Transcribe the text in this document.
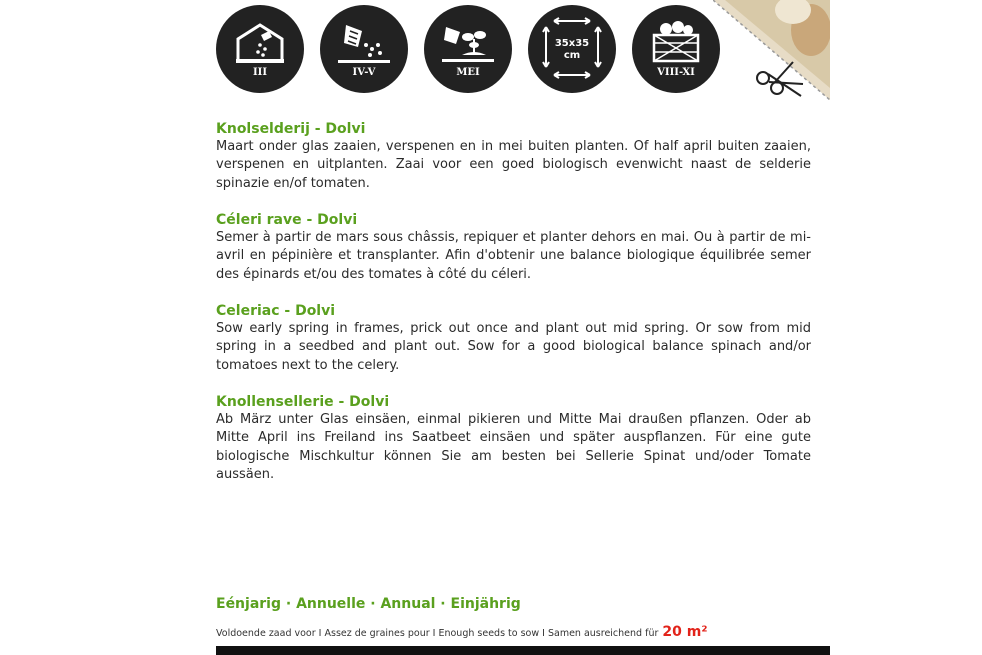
III	IV-V	MEI
35x35
cm
VIII-XI
Knolselderij - Dolvi

Maart onder glas zaaien, verspenen en in mei buiten planten. Of half april buiten zaaien, verspenen en uitplanten. Zaai voor een goed biologisch evenwicht naast de selderie spinazie en/of tomaten.

Céleri rave - Dolvi

Semer à partir de mars sous châssis, repiquer et planter dehors en mai. Ou à partir de mi-avril en pépinière et transplanter. Afin d'obtenir une balance biologique équilibrée semer des épinards et/ou des tomates à côté du céleri.

Celeriac - Dolvi

Sow early spring in frames, prick out once and plant out mid spring. Or sow from mid spring in a seedbed and plant out. Sow for a good biological balance spinach and/or tomatoes next to the celery.

Knollensellerie - Dolvi

Ab März unter Glas einsäen, einmal pikieren und Mitte Mai draußen pflanzen. Oder ab Mitte April ins Freiland ins Saatbeet einsäen und später auspflanzen. Für eine gute biologische Mischkultur können Sie am besten bei Sellerie Spinat und/oder Tomate aussäen.

Eénjarig · Annuelle · Annual · Einjährig
Voldoende zaad voor I Assez de graines pour I Enough seeds to sow I Samen ausreichend für 20 m²
